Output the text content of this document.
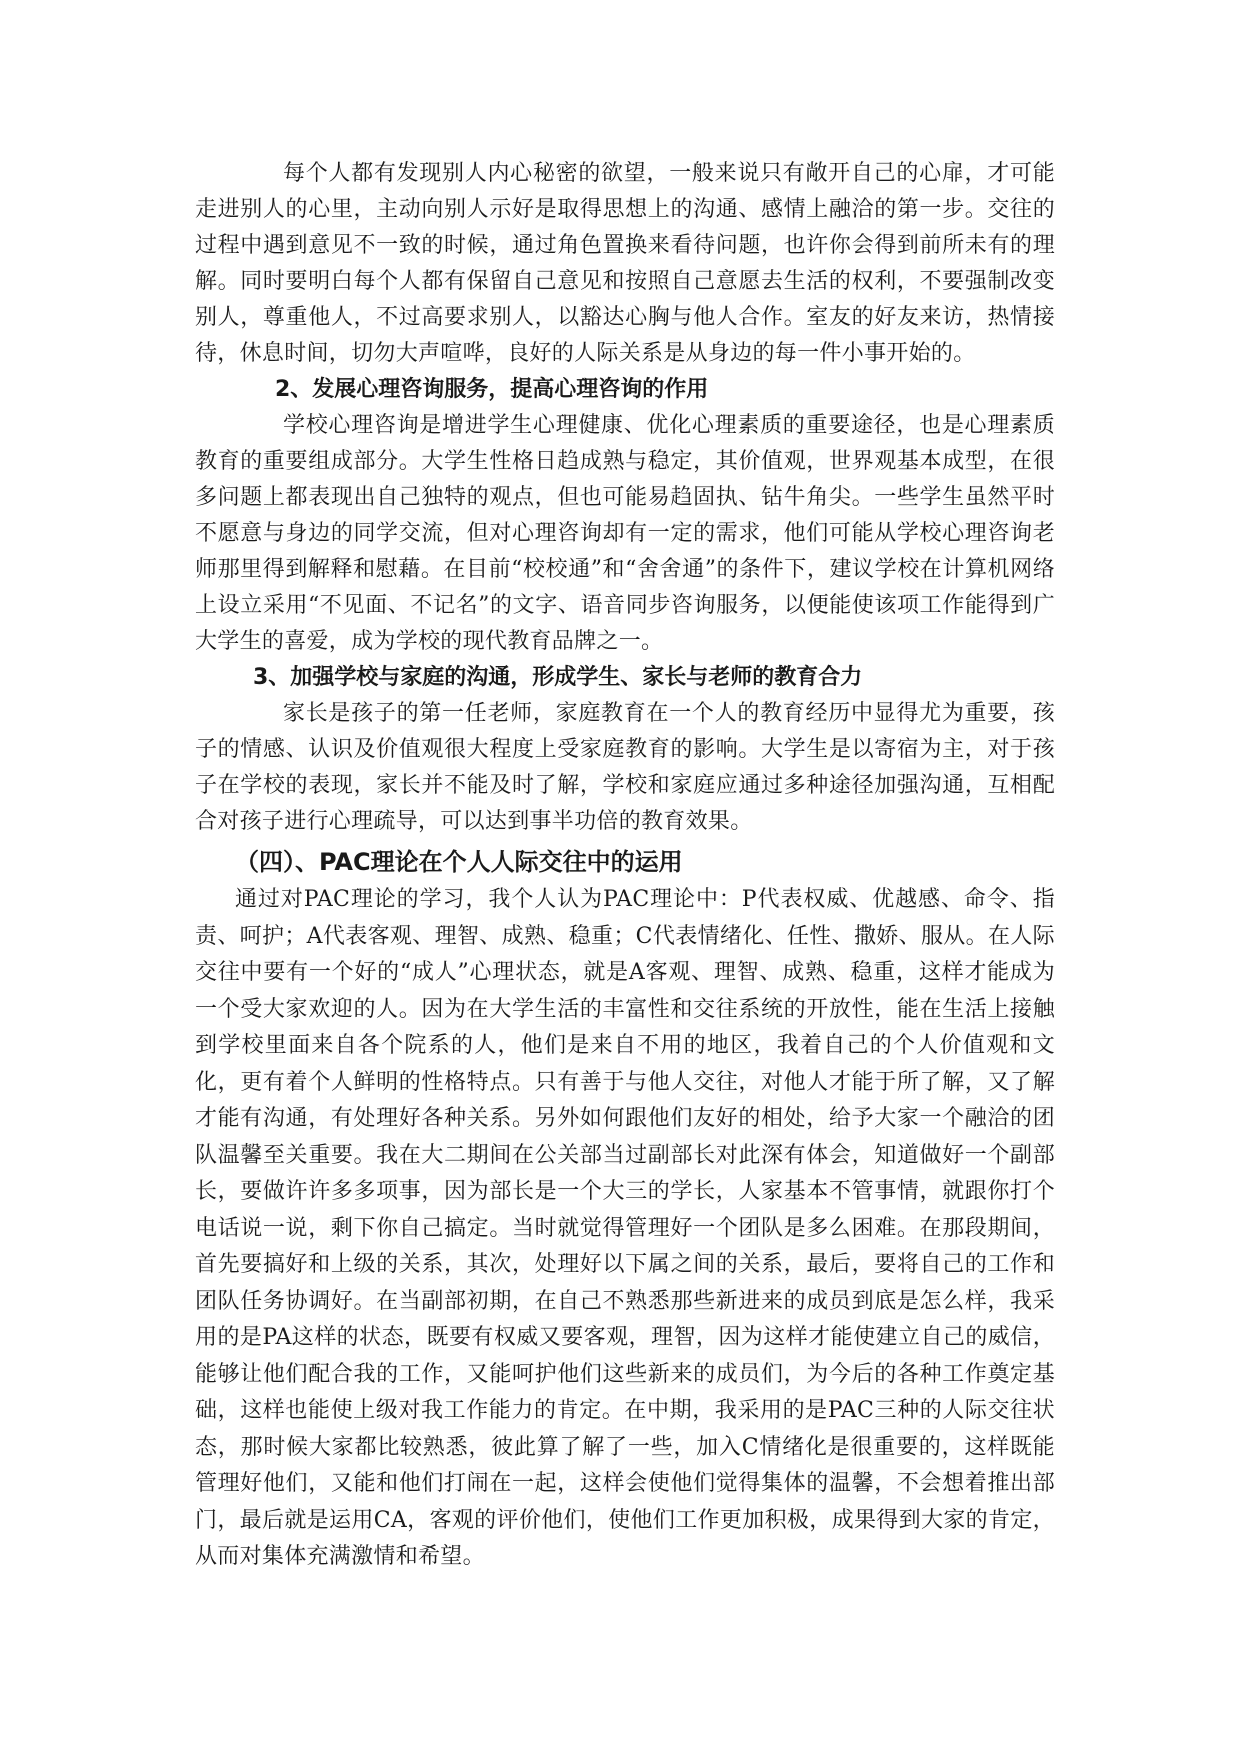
每个人都有发现别人内心秘密的欲望，一般来说只有敞开自己的心扉，才可能走进别人的心里，主动向别人示好是取得思想上的沟通、感情上融洽的第一步。交往的过程中遇到意见不一致的时候，通过角色置换来看待问题，也许你会得到前所未有的理解。同时要明白每个人都有保留自己意见和按照自己意愿去生活的权利，不要强制改变别人，尊重他人，不过高要求别人，以豁达心胸与他人合作。室友的好友来访，热情接待，休息时间，切勿大声喧哗，良好的人际关系是从身边的每一件小事开始的。

2、发展心理咨询服务，提高心理咨询的作用

学校心理咨询是增进学生心理健康、优化心理素质的重要途径，也是心理素质教育的重要组成部分。大学生性格日趋成熟与稳定，其价值观，世界观基本成型，在很多问题上都表现出自己独特的观点，但也可能易趋固执、钻牛角尖。一些学生虽然平时不愿意与身边的同学交流，但对心理咨询却有一定的需求，他们可能从学校心理咨询老师那里得到解释和慰藉。在目前“校校通”和“舍舍通”的条件下，建议学校在计算机网络上设立采用“不见面、不记名”的文字、语音同步咨询服务，以便能使该项工作能得到广大学生的喜爱，成为学校的现代教育品牌之一。

3、加强学校与家庭的沟通，形成学生、家长与老师的教育合力

家长是孩子的第一任老师，家庭教育在一个人的教育经历中显得尤为重要，孩子的情感、认识及价值观很大程度上受家庭教育的影响。大学生是以寄宿为主，对于孩子在学校的表现，家长并不能及时了解，学校和家庭应通过多种途径加强沟通，互相配合对孩子进行心理疏导，可以达到事半功倍的教育效果。

（四）、PAC理论在个人人际交往中的运用

通过对PAC理论的学习，我个人认为PAC理论中：P代表权威、优越感、命令、指责、呵护；A代表客观、理智、成熟、稳重；C代表情绪化、任性、撒娇、服从。在人际交往中要有一个好的“成人”心理状态，就是A客观、理智、成熟、稳重，这样才能成为一个受大家欢迎的人。因为在大学生活的丰富性和交往系统的开放性，能在生活上接触到学校里面来自各个院系的人，他们是来自不用的地区，我着自己的个人价值观和文化，更有着个人鲜明的性格特点。只有善于与他人交往，对他人才能于所了解，又了解才能有沟通，有处理好各种关系。另外如何跟他们友好的相处，给予大家一个融洽的团队温馨至关重要。我在大二期间在公关部当过副部长对此深有体会，知道做好一个副部长，要做许许多多项事，因为部长是一个大三的学长，人家基本不管事情，就跟你打个电话说一说，剩下你自己搞定。当时就觉得管理好一个团队是多么困难。在那段期间，首先要搞好和上级的关系，其次，处理好以下属之间的关系，最后，要将自己的工作和团队任务协调好。在当副部初期，在自己不熟悉那些新进来的成员到底是怎么样，我采用的是PA这样的状态，既要有权威又要客观，理智，因为这样才能使建立自己的威信，能够让他们配合我的工作，又能呵护他们这些新来的成员们，为今后的各种工作奠定基础，这样也能使上级对我工作能力的肯定。在中期，我采用的是PAC三种的人际交往状态，那时候大家都比较熟悉，彼此算了解了一些，加入C情绪化是很重要的，这样既能管理好他们，又能和他们打闹在一起，这样会使他们觉得集体的温馨，不会想着推出部门，最后就是运用CA，客观的评价他们，使他们工作更加积极，成果得到大家的肯定，从而对集体充满激情和希望。
